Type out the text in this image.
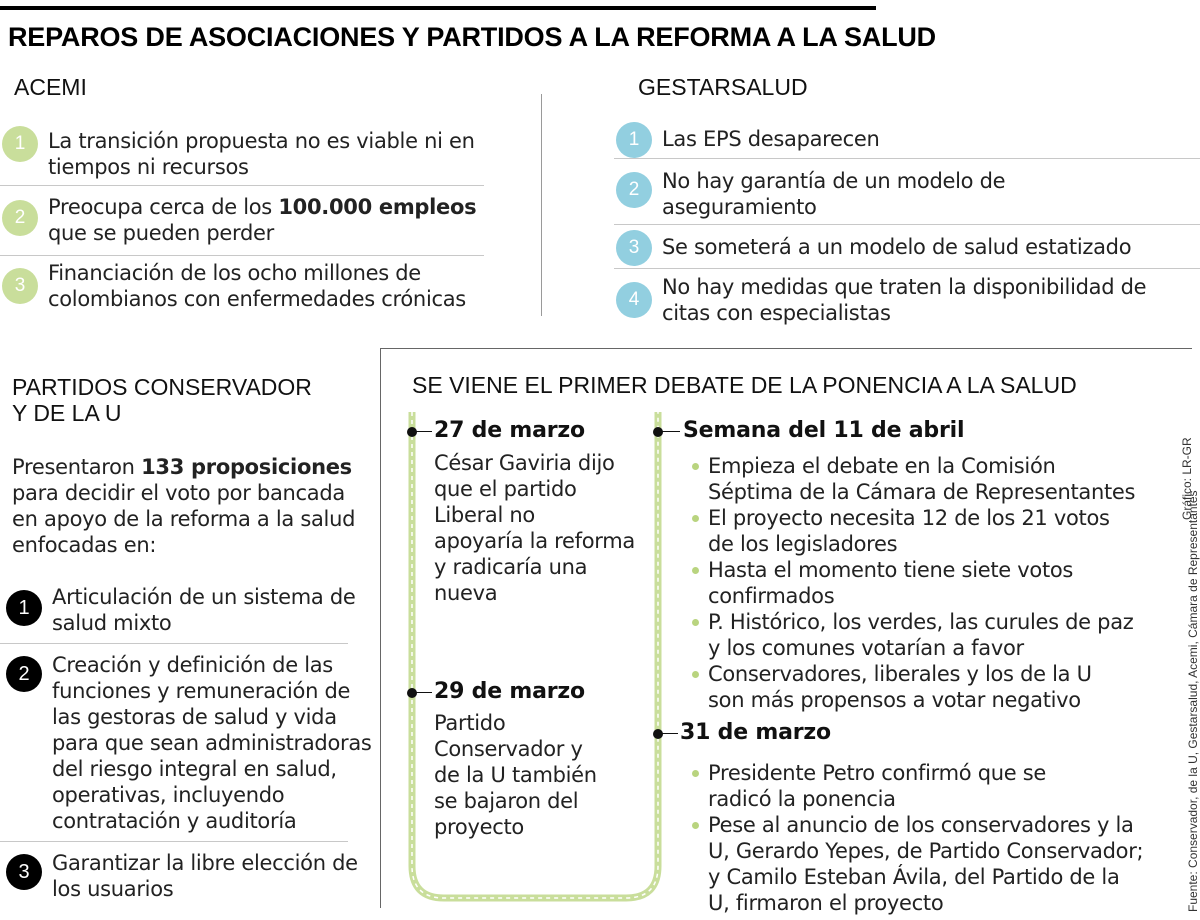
REPAROS DE ASOCIACIONES Y PARTIDOS A LA REFORMA A LA SALUD
ACEMI
1	La transición propuesta no es viable ni en
tiempos ni recursos
2	Preocupa cerca de los 100.000 empleos
que se pueden perder
3
Financiación de los ocho millones de
colombianos con enfermedades crónicas
GESTARSALUD
1	Las EPS desaparecen
2	No hay garantía de un modelo de
aseguramiento
3	Se someterá a un modelo de salud estatizado
4
No hay medidas que traten la disponibilidad de
citas con especialistas
PARTIDOS CONSERVADOR
Y DE LA U
Presentaron 133 proposiciones
para decidir el voto por bancada
en apoyo de la reforma a la salud
enfocadas en:
1	Articulación de un sistema de
salud mixto
2	Creación y definición de las
funciones y remuneración de
las gestoras de salud y vida
para que sean administradoras
del riesgo integral en salud,
operativas, incluyendo
contratación y auditoría
3	Garantizar la libre elección de
los usuarios
SE VIENE EL PRIMER DEBATE DE LA PONENCIA A LA SALUD
27 de marzo
César Gaviria dijo
que el partido
Liberal no
apoyaría la reforma
y radicaría una
nueva
29 de marzo
Partido
Conservador y
de la U también
se bajaron del
proyecto
Semana del 11 de abril
Empieza el debate en la Comisión
Séptima de la Cámara de Representantes
El proyecto necesita 12 de los 21 votos
de los legisladores
Hasta el momento tiene siete votos
confirmados
P. Histórico, los verdes, las curules de paz
y los comunes votarían a favor
Conservadores, liberales y los de la U
son más propensos a votar negativo
31 de marzo
Presidente Petro confirmó que se
radicó la ponencia
Pese al anuncio de los conservadores y la
U, Gerardo Yepes, de Partido Conservador;
y Camilo Esteban Ávila, del Partido de la
U, firmaron el proyecto
Gráfico: LR-GR
Fuente: Conservador, de la U, Gestarsalud, Acemi, Cámara de Representantes
